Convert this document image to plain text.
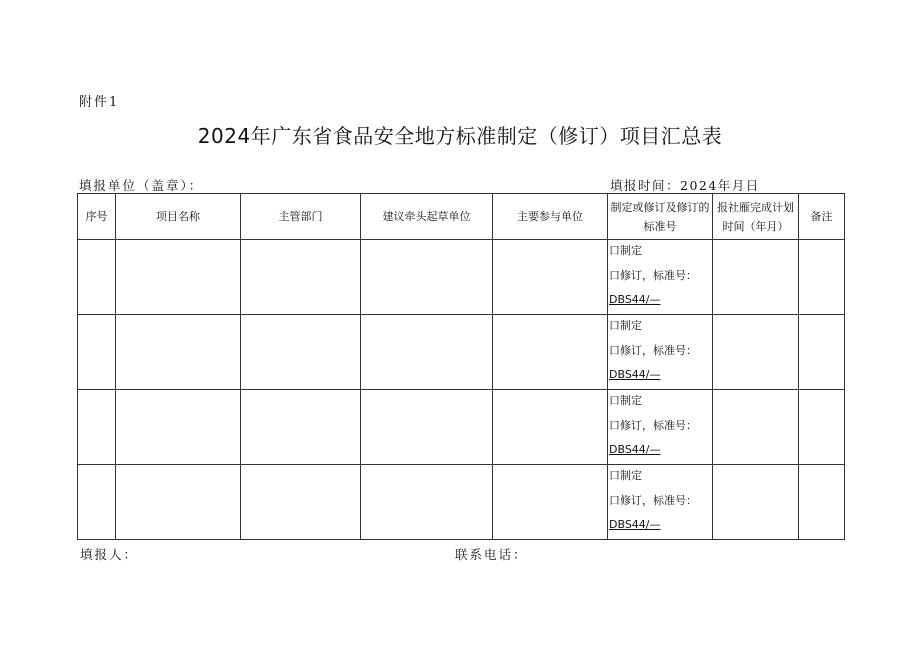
附件1
2024年广东省食品安全地方标准制定（修订）项目汇总表
填报单位（盖章）：	填报时间：2024年月日
序号	项目名称	主管部门	建议牵头起草单位	主要参与单位	制定或修订及修订的标准号	报社雁完成计划时间（年月）	备注

					口制定
口修订，标准号：
DBS44/—		

					口制定
口修订，标准号：
DBS44/—		

					口制定
口修订，标准号：
DBS44/—		

					口制定
口修订，标准号：
DBS44/—		

填报人：	联系电话：
